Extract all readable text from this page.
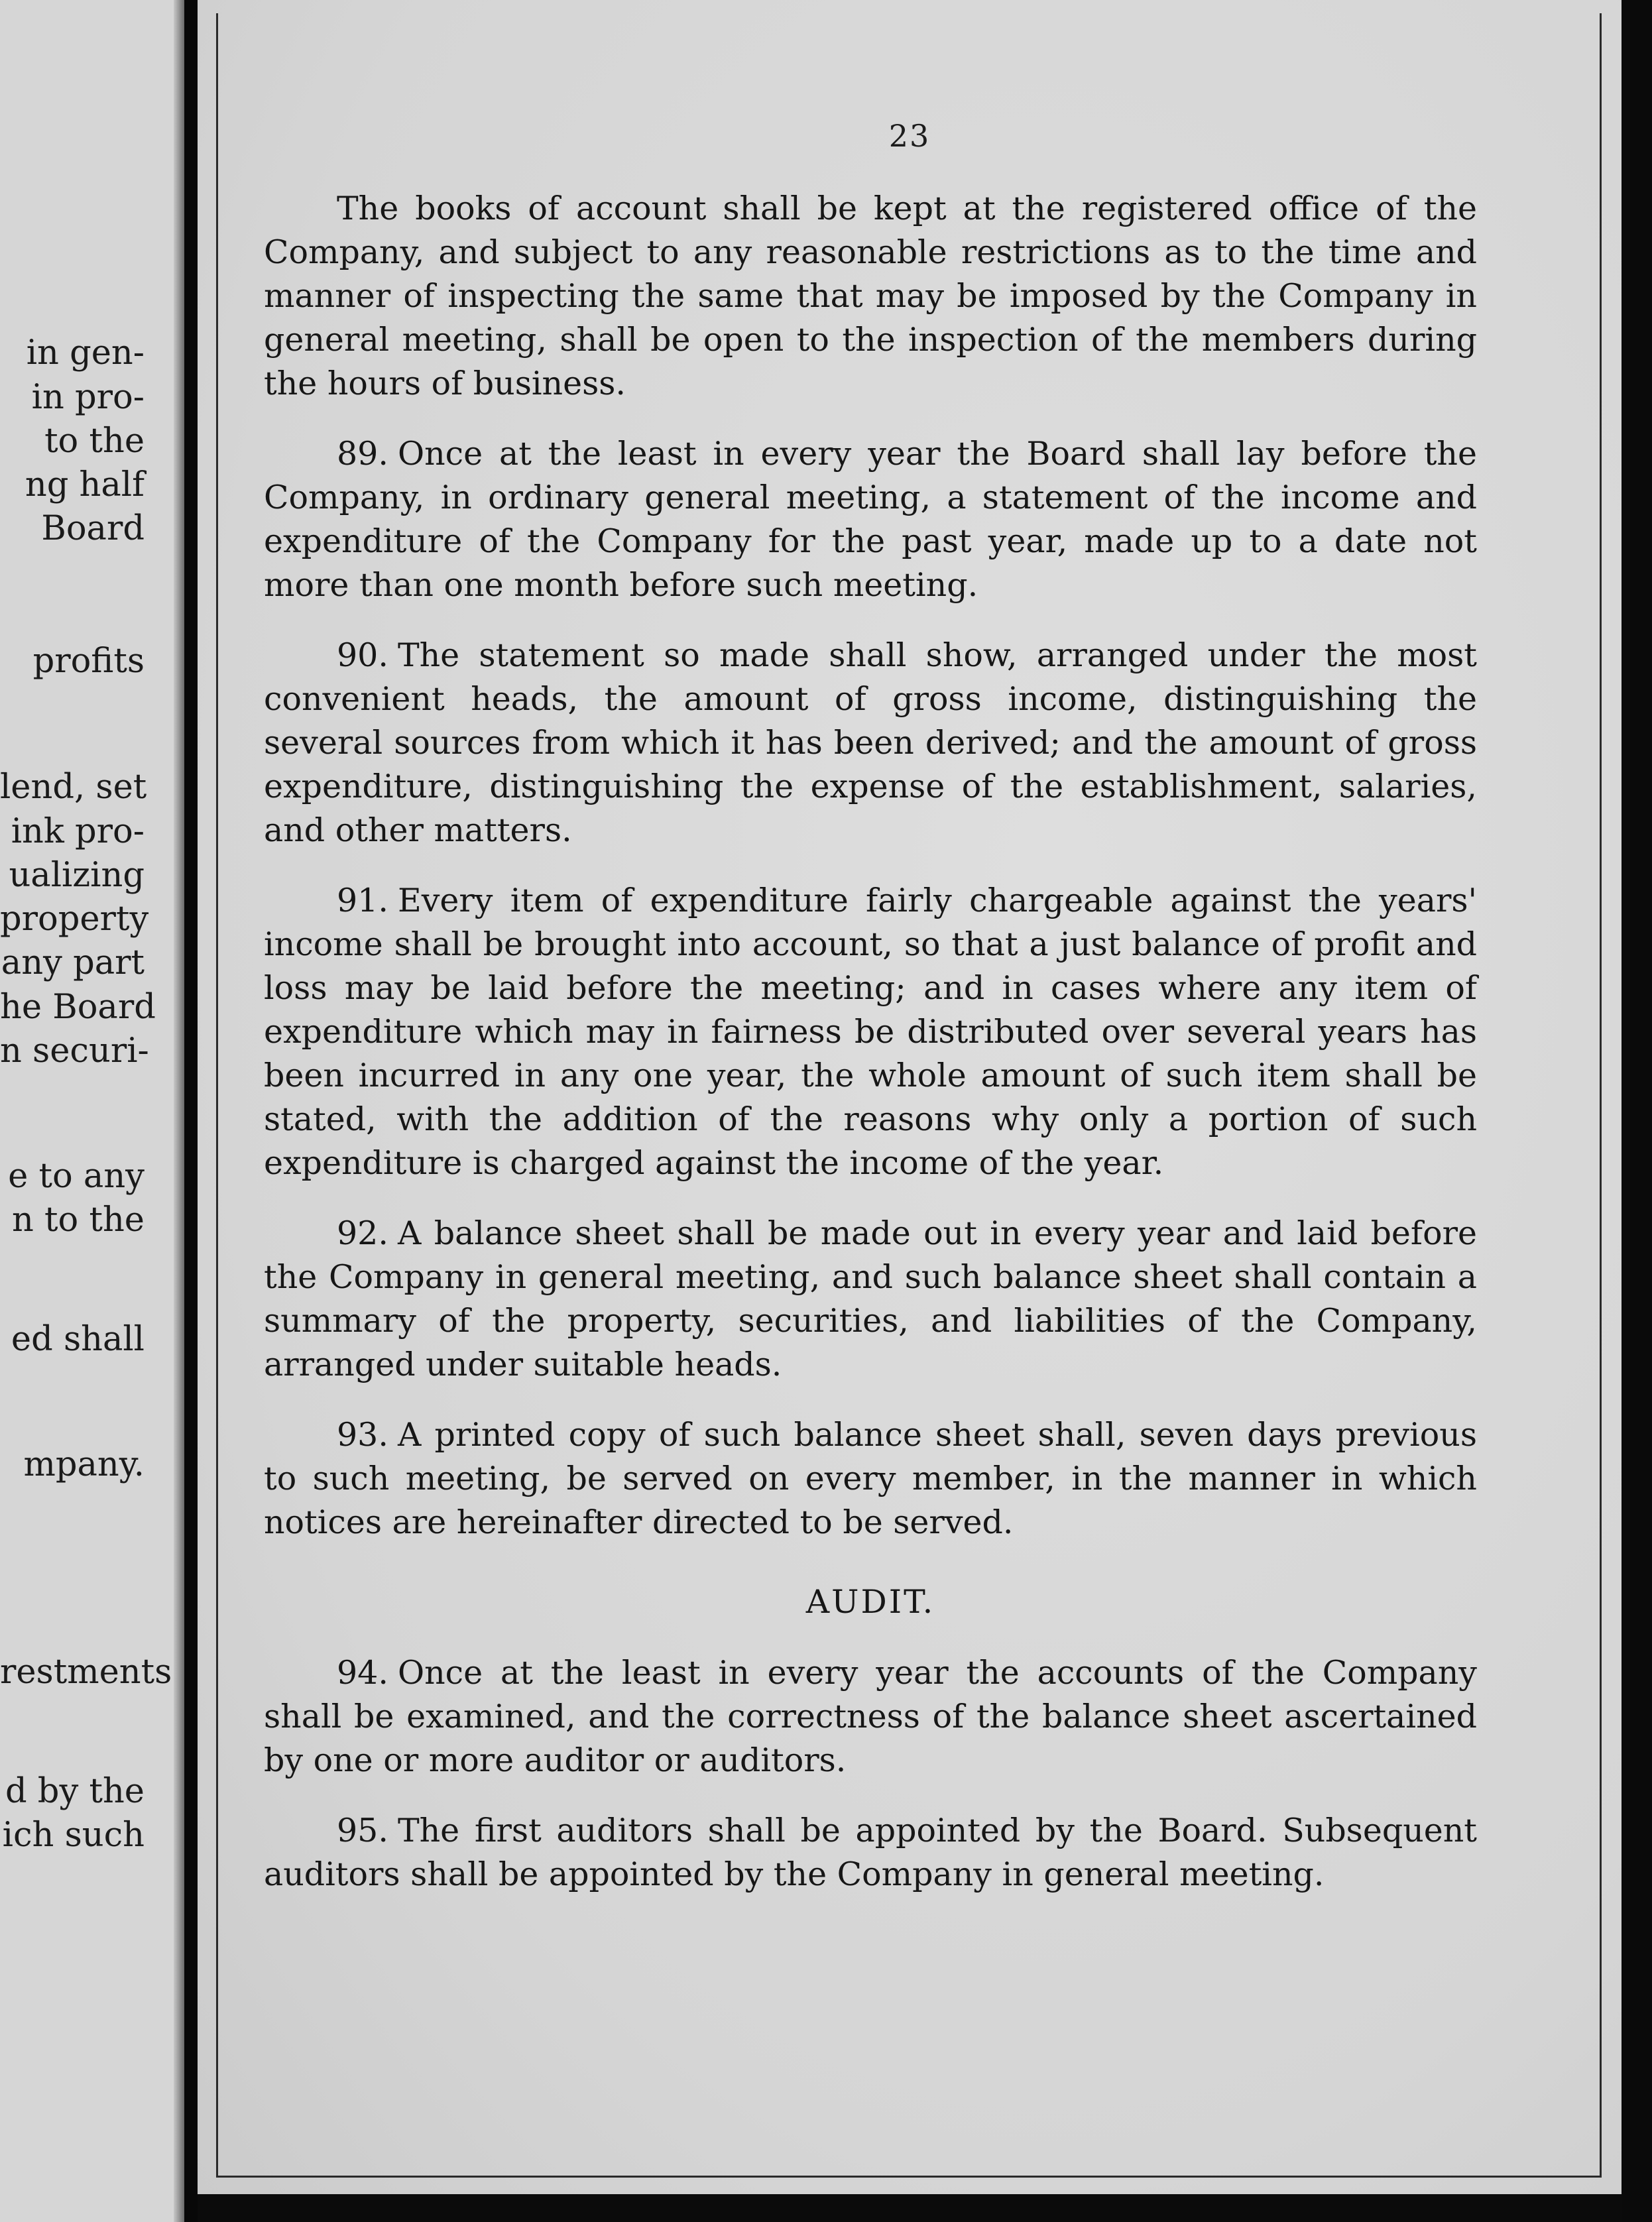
in gen-
in pro-
to the
ng half
Board
profits
lend, set
ink pro-
ualizing
property
any part
he Board
n securi-
e to any
n to the
ed shall
mpany.
restments
d by the
ich such
23

The books of account shall be kept at the registered office of the Company, and subject to any reasonable restrictions as to the time and manner of inspecting the same that may be imposed by the Company in general meeting, shall be open to the inspection of the members during the hours of business.

89. Once at the least in every year the Board shall lay before the Company, in ordinary general meeting, a statement of the income and expenditure of the Company for the past year, made up to a date not more than one month before such meeting.

90. The statement so made shall show, arranged under the most convenient heads, the amount of gross income, distinguishing the several sources from which it has been derived; and the amount of gross expenditure, distinguishing the expense of the establishment, salaries, and other matters.

91. Every item of expenditure fairly chargeable against the years' income shall be brought into account, so that a just balance of profit and loss may be laid before the meeting; and in cases where any item of expenditure which may in fairness be distributed over several years has been incurred in any one year, the whole amount of such item shall be stated, with the addition of the reasons why only a portion of such expenditure is charged against the income of the year.

92. A balance sheet shall be made out in every year and laid before the Company in general meeting, and such balance sheet shall contain a summary of the property, securities, and liabilities of the Company, arranged under suitable heads.

93. A printed copy of such balance sheet shall, seven days previous to such meeting, be served on every member, in the manner in which notices are hereinafter directed to be served.

AUDIT.

94. Once at the least in every year the accounts of the Company shall be examined, and the correctness of the balance sheet ascertained by one or more auditor or auditors.

95. The first auditors shall be appointed by the Board. Subsequent auditors shall be appointed by the Company in general meeting.
